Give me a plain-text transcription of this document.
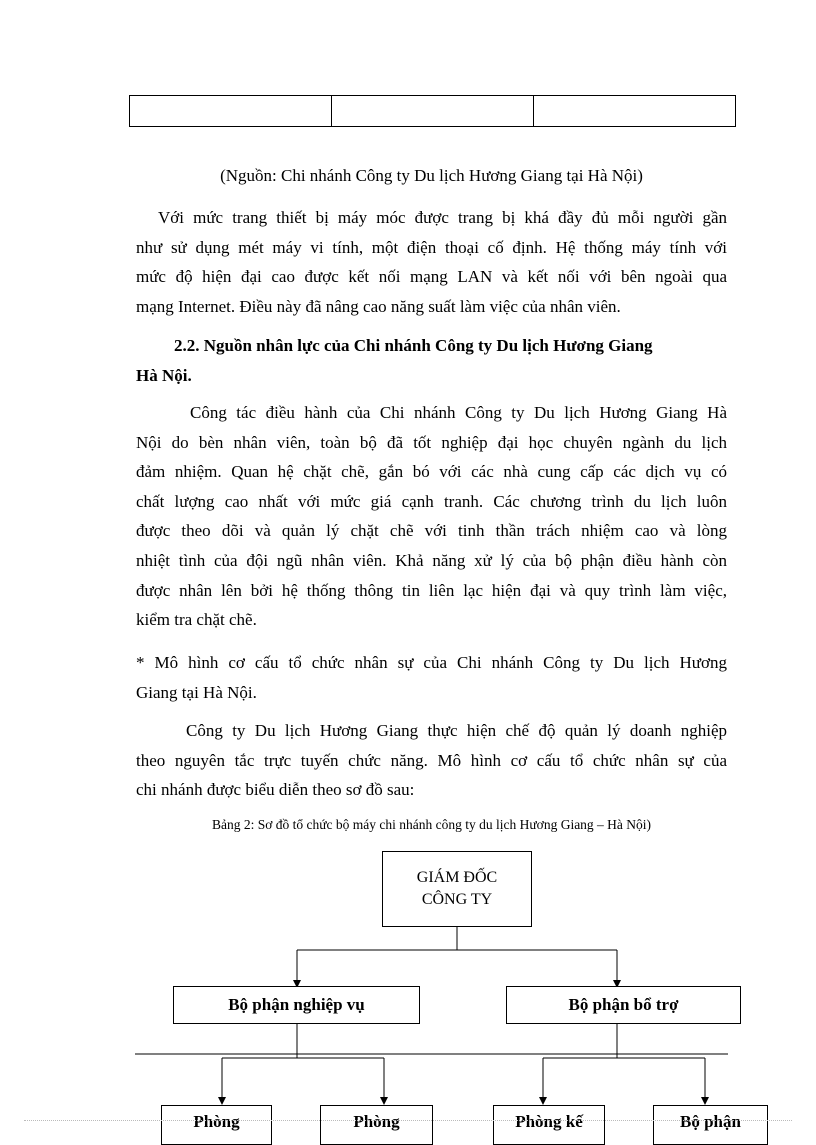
(Nguồn: Chi nhánh Công ty Du lịch Hương Giang tại Hà Nội)
Với mức trang thiết bị máy móc được trang bị khá đầy đủ mỗi người gần
như sử dụng mét máy vi tính, một điện thoại cố định. Hệ thống máy tính với
mức độ hiện đại cao được kết nối mạng LAN và kết nối với bên ngoài qua
mạng Internet. Điều này đã nâng cao năng suất làm việc của nhân viên.
2.2. Nguồn nhân lực của Chi nhánh Công ty Du lịch Hương Giang
Hà Nội.
Công tác điều hành của Chi nhánh Công ty Du lịch Hương Giang Hà
Nội do bèn nhân viên, toàn bộ đã tốt nghiệp đại học chuyên ngành du lịch
đảm nhiệm. Quan hệ chặt chẽ, gắn bó với các nhà cung cấp các dịch vụ có
chất lượng cao nhất với mức giá cạnh tranh. Các chương trình du lịch luôn
được theo dõi và quản lý chặt chẽ với tinh thần trách nhiệm cao và lòng
nhiệt tình của đội ngũ nhân viên. Khả năng xử lý của bộ phận điều hành còn
được nhân lên bởi hệ thống thông tin liên lạc hiện đại và quy trình làm việc,
kiểm tra chặt chẽ.
* Mô hình cơ cấu tổ chức nhân sự của Chi nhánh Công ty Du lịch Hương
Giang tại Hà Nội.
Công ty Du lịch Hương Giang thực hiện chế độ quản lý doanh nghiệp
theo nguyên tắc trực tuyến chức năng. Mô hình cơ cấu tổ chức nhân sự của
chi nhánh được biểu diễn theo sơ đồ sau:
Bảng 2: Sơ đồ tổ chức bộ máy chi nhánh công ty du lịch Hương Giang – Hà Nội)
GIÁM ĐỐC
CÔNG TY
Bộ phận nghiệp vụ	Bộ phận bổ trợ
Phòng	Phòng	Phòng kế	Bộ phận
